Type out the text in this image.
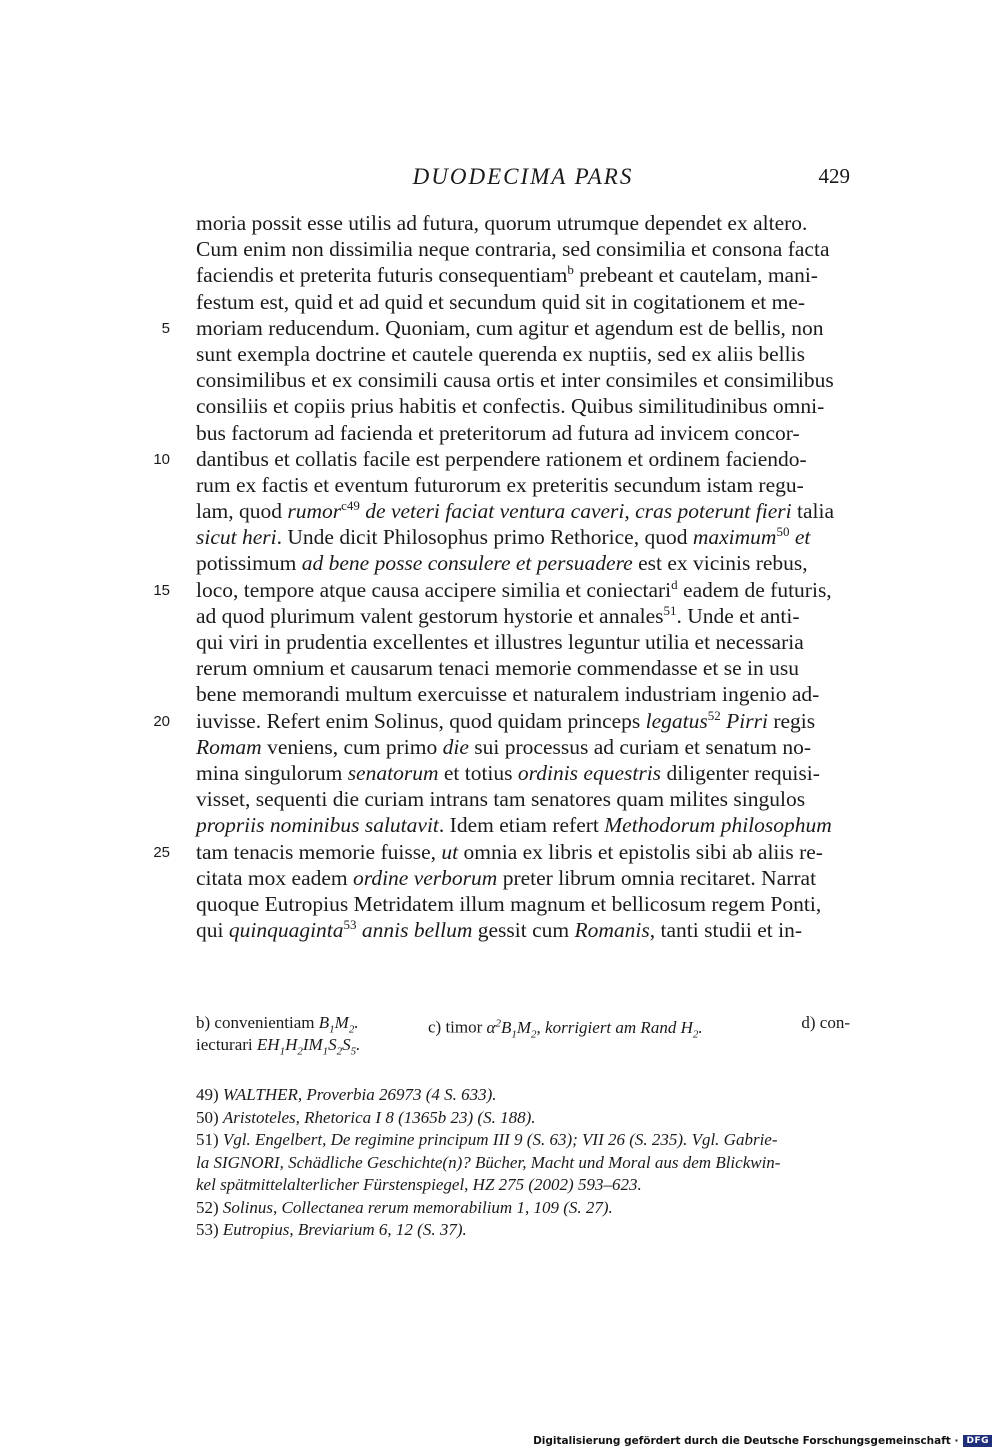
DUODECIMA PARS	429
moria possit esse utilis ad futura, quorum utrumque dependet ex altero.
Cum enim non dissimilia neque contraria, sed consimilia et consona facta
faciendis et preterita futuris consequentiam$^b$ prebeant et cautelam, mani-
festum est, quid et ad quid et secundum quid sit in cogitationem et me-
5 moriam reducendum. Quoniam, cum agitur et agendum est de bellis, non
sunt exempla doctrine et cautele querenda ex nuptiis, sed ex aliis bellis
consimilibus et ex consimili causa ortis et inter consimiles et consimilibus
consiliis et copiis prius habitis et confectis. Quibus similitudinibus omni-
bus factorum ad facienda et preteritorum ad futura ad invicem concor-
10 dantibus et collatis facile est perpendere rationem et ordinem faciendo-
rum ex factis et eventum futurorum ex preteritis secundum istam regu-
lam, quod rumor$^{c49}$ de veteri faciat ventura caveri, cras poterunt fieri talia
sicut heri. Unde dicit Philosophus primo Rethorice, quod maximum$^{50}$ et
potissimum ad bene posse consulere et persuadere est ex vicinis rebus,
15 loco, tempore atque causa accipere similia et coniectari$^d$ eadem de futuris,
ad quod plurimum valent gestorum hystorie et annales$^{51}$. Unde et anti-
qui viri in prudentia excellentes et illustres leguntur utilia et necessaria
rerum omnium et causarum tenaci memorie commendasse et se in usu
bene memorandi multum exercuisse et naturalem industriam ingenio ad-
20 iuvisse. Refert enim Solinus, quod quidam princeps legatus$^{52}$ Pirri regis
Romam veniens, cum primo die sui processus ad curiam et senatum no-
mina singulorum senatorum et totius ordinis equestris diligenter requisi-
visset, sequenti die curiam intrans tam senatores quam milites singulos
propriis nominibus salutavit. Idem etiam refert Methodorum philosophum
25 tam tenacis memorie fuisse, ut omnia ex libris et epistolis sibi ab aliis re-
citata mox eadem ordine verborum preter librum omnia recitaret. Narrat
quoque Eutropius Metridatem illum magnum et bellicosum regem Ponti,
qui quinquaginta$^{53}$ annis bellum gessit cum Romanis, tanti studii et in-
b) convenientiam $B_1M_2$.	c) timor $\alpha^2B_1M_2$, korrigiert am Rand $H_2$.	d) con-
iecturari $EH_1H_2IM_1S_2S_5$.
49) WALTHER, Proverbia 26973 (4 S. 633).
50) Aristoteles, Rhetorica I 8 (1365b 23) (S. 188).
51) Vgl. Engelbert, De regimine principum III 9 (S. 63); VII 26 (S. 235). Vgl. Gabrie-
la SIGNORI, Schädliche Geschichte(n)? Bücher, Macht und Moral aus dem Blickwin-
kel spätmittelalterlicher Fürstenspiegel, HZ 275 (2002) 593–623.
52) Solinus, Collectanea rerum memorabilium 1, 109 (S. 27).
53) Eutropius, Breviarium 6, 12 (S. 37).
Digitalisierung gefördert durch die Deutsche Forschungsgemeinschaft · DFG
